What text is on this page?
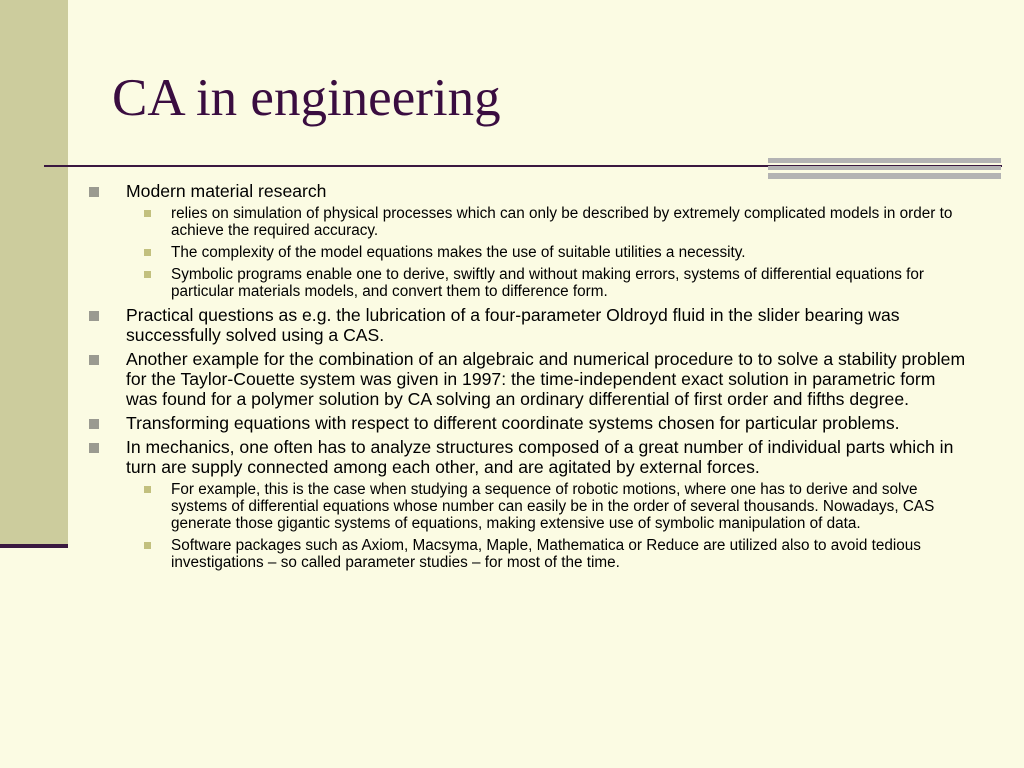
CA in engineering
Modern material research
relies on simulation of physical processes which can only be described by extremely complicated models in order to achieve the required accuracy.
The complexity of the model equations makes the use of suitable utilities a necessity.
Symbolic programs enable one to derive, swiftly and without making errors, systems of differential equations for particular materials models, and convert them to difference form.
Practical questions as e.g. the lubrication of a four-parameter Oldroyd fluid in the slider bearing was successfully solved using a CAS.
Another example for the combination of an algebraic and numerical procedure to to solve a stability problem for the Taylor-Couette system was given in 1997: the time-independent exact solution in parametric form was found for a polymer solution by CA solving an ordinary differential of first order and fifths degree.
Transforming equations with respect to different coordinate systems chosen for particular problems.
In mechanics, one often has to analyze structures composed of a great number of individual parts which in turn are supply connected among each other, and are agitated by external forces.
For example, this is the case when studying a sequence of robotic motions, where one has to derive and solve systems of differential equations whose number can easily be in the order of several thousands. Nowadays, CAS generate those gigantic systems of equations, making extensive use of symbolic manipulation of data.
Software packages such as Axiom, Macsyma, Maple, Mathematica or Reduce are utilized also to avoid tedious investigations – so called parameter studies – for most of the time.
